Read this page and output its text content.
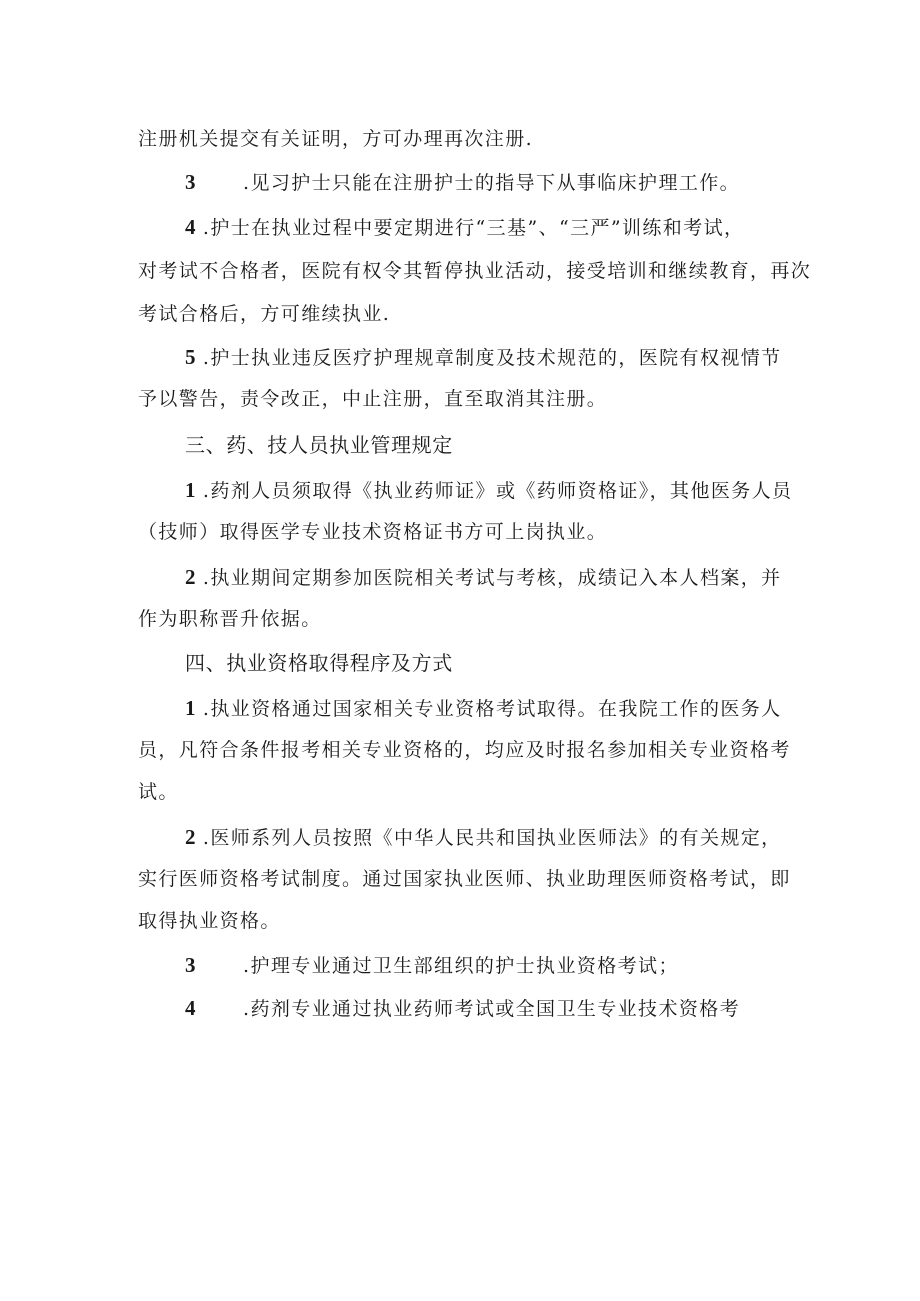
注册机关提交有关证明，方可办理再次注册.
3 .见习护士只能在注册护士的指导下从事临床护理工作。
4 .护士在执业过程中要定期进行“三基”、“三严”训练和考试，
对考试不合格者，医院有权令其暂停执业活动，接受培训和继续教育，再次
考试合格后，方可维续执业.
5 .护士执业违反医疗护理规章制度及技术规范的，医院有权视情节
予以警告，责令改正，中止注册，直至取消其注册。
三、药、技人员执业管理规定
1 .药剂人员须取得《执业药师证》或《药师资格证》，其他医务人员
（技师）取得医学专业技术资格证书方可上岗执业。
2 .执业期间定期参加医院相关考试与考核，成绩记入本人档案，并
作为职称晋升依据。
四、执业资格取得程序及方式
1 .执业资格通过国家相关专业资格考试取得。在我院工作的医务人
员，凡符合条件报考相关专业资格的，均应及时报名参加相关专业资格考
试。
2 .医师系列人员按照《中华人民共和国执业医师法》的有关规定，
实行医师资格考试制度。通过国家执业医师、执业助理医师资格考试，即
取得执业资格。
3 .护理专业通过卫生部组织的护士执业资格考试；
4 .药剂专业通过执业药师考试或全国卫生专业技术资格考
